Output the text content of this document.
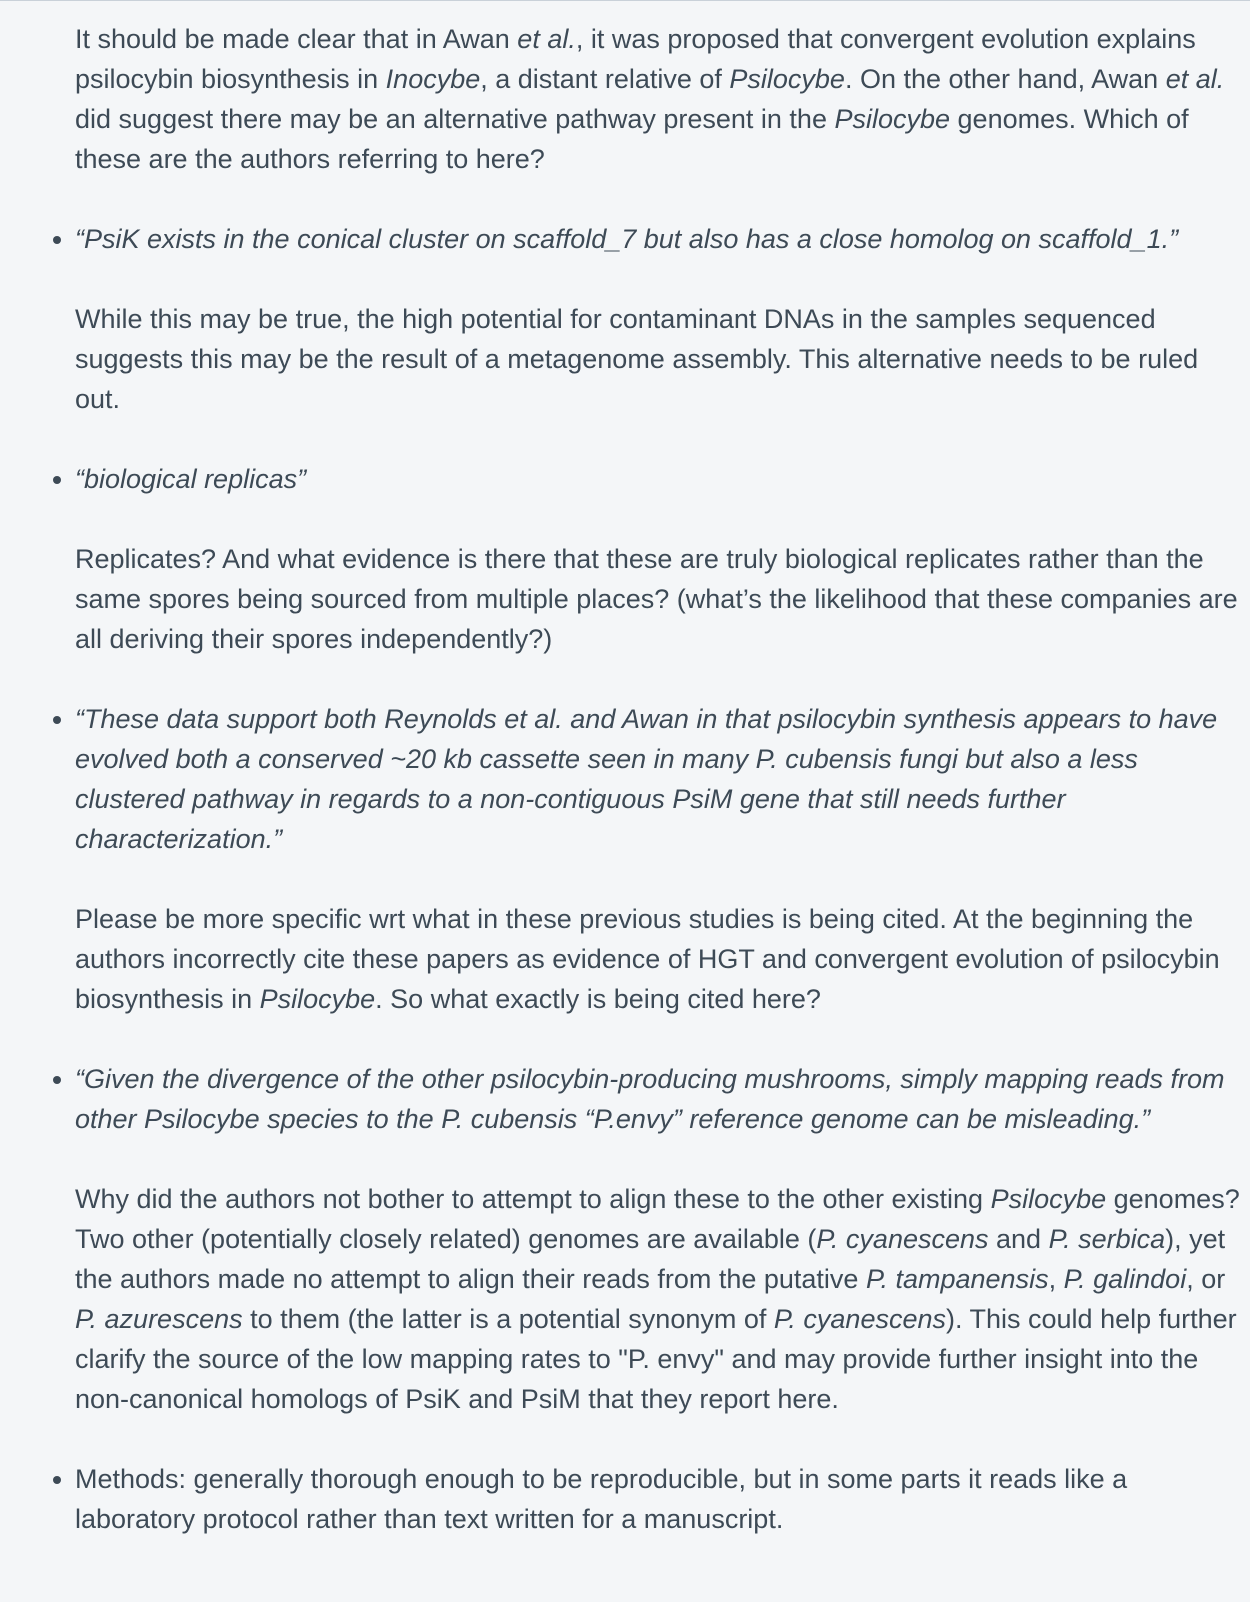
It should be made clear that in Awan et al., it was proposed that convergent evolution explains psilocybin biosynthesis in Inocybe, a distant relative of Psilocybe. On the other hand, Awan et al. did suggest there may be an alternative pathway present in the Psilocybe genomes. Which of these are the authors referring to here?
“PsiK exists in the conical cluster on scaffold_7 but also has a close homolog on scaffold_1.”
While this may be true, the high potential for contaminant DNAs in the samples sequenced suggests this may be the result of a metagenome assembly. This alternative needs to be ruled out.
“biological replicas”
Replicates? And what evidence is there that these are truly biological replicates rather than the same spores being sourced from multiple places? (what’s the likelihood that these companies are all deriving their spores independently?)
“These data support both Reynolds et al. and Awan in that psilocybin synthesis appears to have evolved both a conserved ~20 kb cassette seen in many P. cubensis fungi but also a less clustered pathway in regards to a non-contiguous PsiM gene that still needs further characterization.”
Please be more specific wrt what in these previous studies is being cited. At the beginning the authors incorrectly cite these papers as evidence of HGT and convergent evolution of psilocybin biosynthesis in Psilocybe. So what exactly is being cited here?
“Given the divergence of the other psilocybin-producing mushrooms, simply mapping reads from other Psilocybe species to the P. cubensis “P.envy” reference genome can be misleading.”
Why did the authors not bother to attempt to align these to the other existing Psilocybe genomes? Two other (potentially closely related) genomes are available (P. cyanescens and P. serbica), yet the authors made no attempt to align their reads from the putative P. tampanensis, P. galindoi, or P. azurescens to them (the latter is a potential synonym of P. cyanescens). This could help further clarify the source of the low mapping rates to "P. envy" and may provide further insight into the non-canonical homologs of PsiK and PsiM that they report here.
Methods: generally thorough enough to be reproducible, but in some parts it reads like a laboratory protocol rather than text written for a manuscript.
